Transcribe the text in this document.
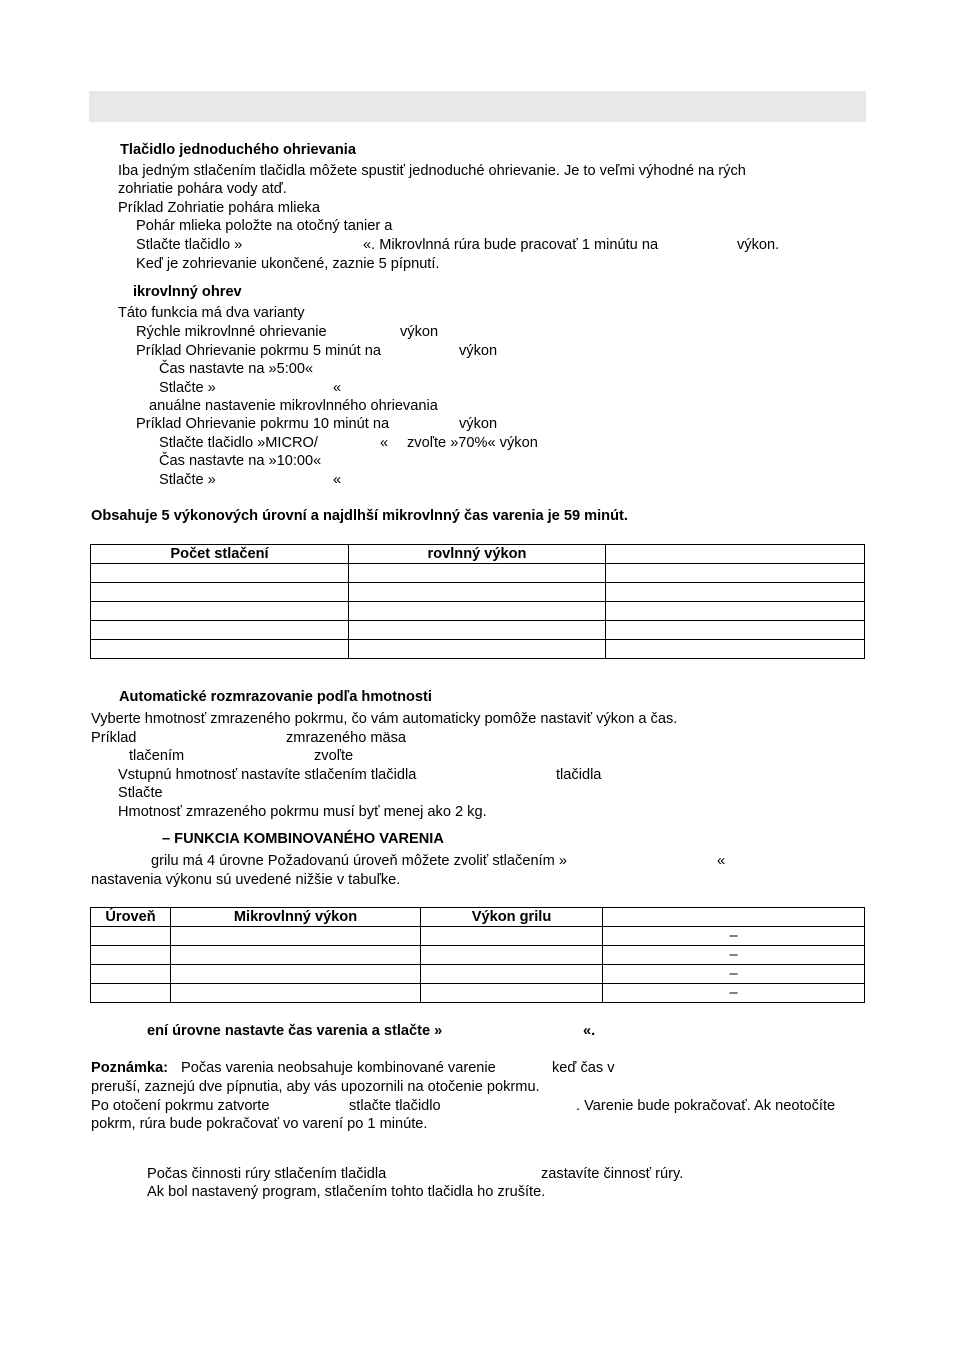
Tlačidlo jednoduchého ohrievania
Iba jedným stlačením tlačidla môžete spustiť jednoduché ohrievanie. Je to veľmi výhodné na rých
zohriatie pohára vody atď.
Príklad Zohriatie pohára mlieka
Pohár mlieka položte na otočný tanier a
Stlačte tlačidlo »	«. Mikrovlnná rúra bude pracovať 1 minútu na	výkon.
Keď je zohrievanie ukončené, zaznie 5 pípnutí.
ikrovlnný ohrev
Táto funkcia má dva varianty
Rýchle mikrovlnné ohrievanie	výkon
Príklad Ohrievanie pokrmu 5 minút na	výkon
Čas nastavte na »5:00«
Stlačte »	«
anuálne nastavenie mikrovlnného ohrievania
Príklad Ohrievanie pokrmu 10 minút na	výkon
Stlačte tlačidlo »MICRO/	« zvoľte »70%« výkon
Čas nastavte na »10:00«
Stlačte »	«
Obsahuje 5 výkonových úrovní a najdlhší mikrovlnný čas varenia je 59 minút.
Počet stlačení	rovlnný výkon	

Automatické rozmrazovanie podľa hmotnosti
Vyberte hmotnosť zmrazeného pokrmu, čo vám automaticky pomôže nastaviť výkon a čas.
Príklad	zmrazeného mäsa
tlačením	zvoľte
Vstupnú hmotnosť nastavíte stlačením tlačidla	tlačidla
Stlačte
Hmotnosť zmrazeného pokrmu musí byť menej ako 2 kg.
– FUNKCIA KOMBINOVANÉHO VARENIA
grilu má 4 úrovne Požadovanú úroveň môžete zvoliť stlačením »	«
nastavenia výkonu sú uvedené nižšie v tabuľke.
Úroveň	Mikrovlnný výkon	Výkon grilu	
			–
			–
			–
			–
ení úrovne nastavte čas varenia a stlačte »	«.
Poznámka: Počas varenia neobsahuje kombinované varenie	keď čas v
preruší, zaznejú dve pípnutia, aby vás upozornili na otočenie pokrmu.
Po otočení pokrmu zatvorte	stlačte tlačidlo	. Varenie bude pokračovať. Ak neotočíte
pokrm, rúra bude pokračovať vo varení po 1 minúte.
Počas činnosti rúry stlačením tlačidla	zastavíte činnosť rúry.
Ak bol nastavený program, stlačením tohto tlačidla ho zrušíte.
